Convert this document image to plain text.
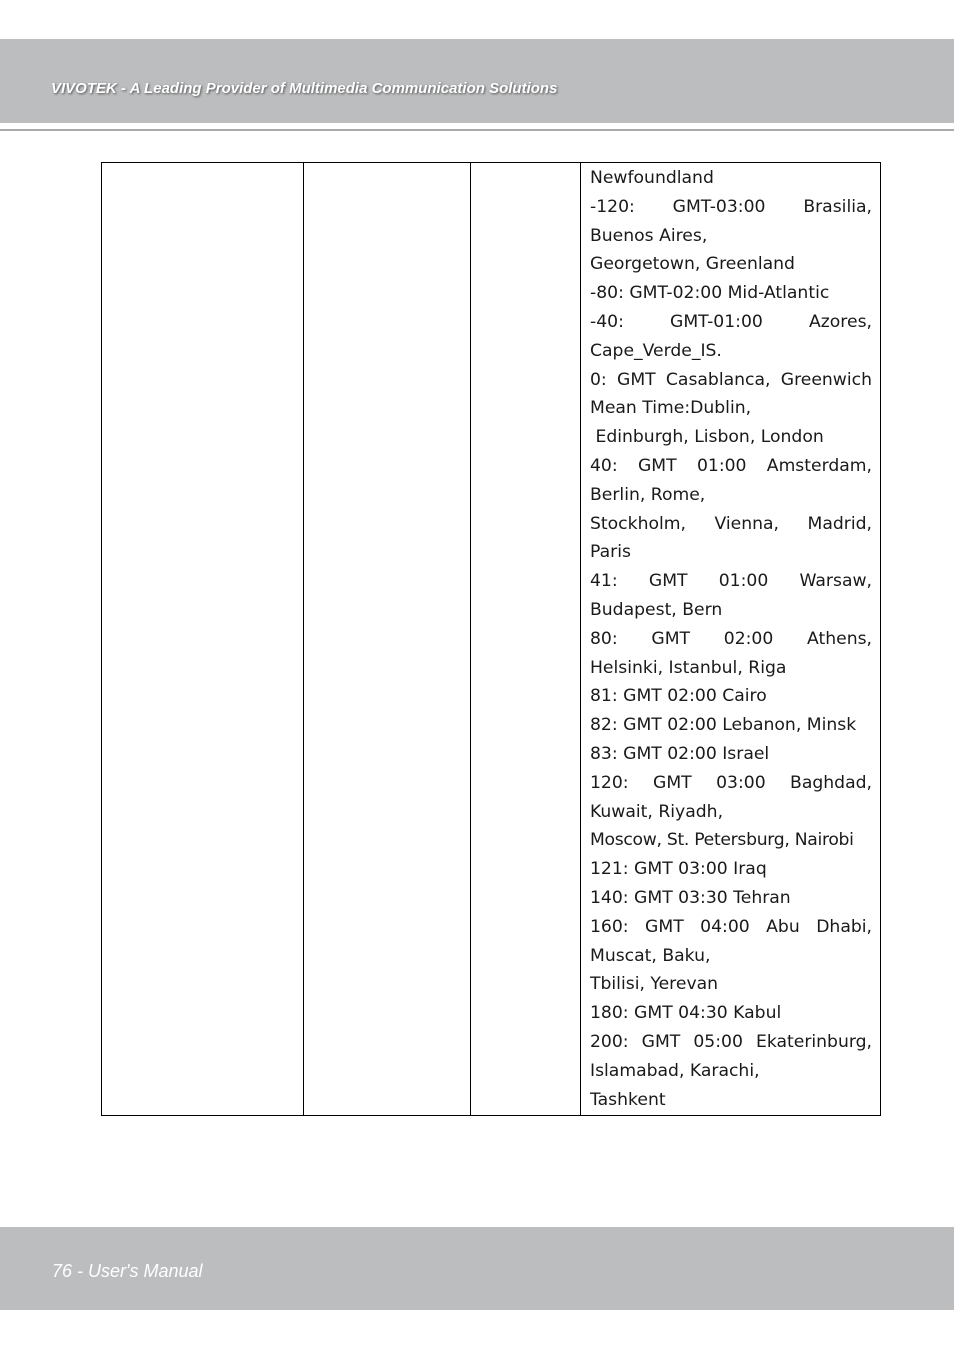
VIVOTEK - A Leading Provider of Multimedia Communication Solutions
Newfoundland
-120: GMT-03:00 Brasilia,
Buenos Aires,
Georgetown, Greenland
-80: GMT-02:00 Mid-Atlantic
-40: GMT-01:00 Azores,
Cape_Verde_IS.
0: GMT Casablanca, Greenwich
Mean Time:Dublin,
Edinburgh, Lisbon, London
40: GMT 01:00 Amsterdam,
Berlin, Rome,
Stockholm, Vienna, Madrid,
Paris
41: GMT 01:00 Warsaw,
Budapest, Bern
80: GMT 02:00 Athens,
Helsinki, Istanbul, Riga
81: GMT 02:00 Cairo
82: GMT 02:00 Lebanon, Minsk
83: GMT 02:00 Israel
120: GMT 03:00 Baghdad,
Kuwait, Riyadh,
Moscow, St. Petersburg, Nairobi
121: GMT 03:00 Iraq
140: GMT 03:30 Tehran
160: GMT 04:00 Abu Dhabi,
Muscat, Baku,
Tbilisi, Yerevan
180: GMT 04:30 Kabul
200: GMT 05:00 Ekaterinburg,
Islamabad, Karachi,
Tashkent
76 - User's Manual
